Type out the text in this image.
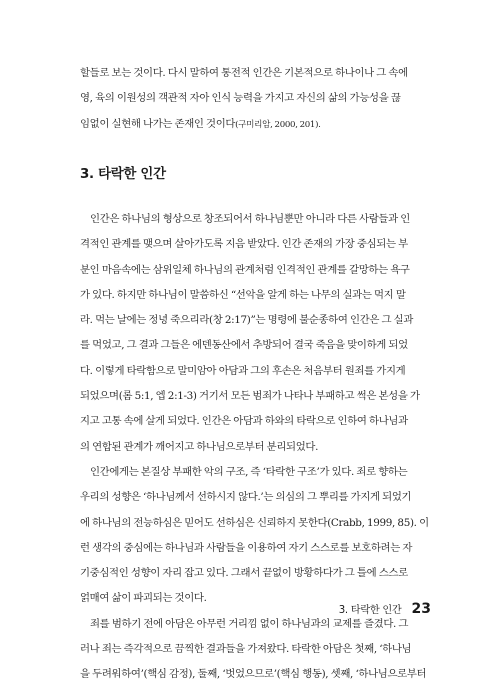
할들로 보는 것이다. 다시 말하여 통전적 인간은 기본적으로 하나이나 그 속에
영, 육의 이원성의 객관적 자아 인식 능력을 가지고 자신의 삶의 가능성을 끊
임없이 실현해 나가는 존재인 것이다(구미리암, 2000, 201).
3. 타락한 인간
인간은 하나님의 형상으로 창조되어서 하나님뿐만 아니라 다른 사람들과 인
격적인 관계를 맺으며 살아가도록 지음 받았다. 인간 존재의 가장 중심되는 부
분인 마음속에는 삼위일체 하나님의 관계처럼 인격적인 관계를 갈망하는 욕구
가 있다. 하지만 하나님이 말씀하신 “선악을 알게 하는 나무의 실과는 먹지 말
라. 먹는 날에는 정녕 죽으리라(창 2:17)”는 명령에 불순종하여 인간은 그 실과
를 먹었고, 그 결과 그들은 에덴동산에서 추방되어 결국 죽음을 맞이하게 되었
다. 이렇게 타락함으로 말미암아 아담과 그의 후손은 처음부터 원죄를 가지게
되었으며(롬 5:1, 엡 2:1-3) 거기서 모든 범죄가 나타나 부패하고 썩은 본성을 가
지고 고통 속에 살게 되었다. 인간은 아담과 하와의 타락으로 인하여 하나님과
의 연합된 관계가 깨어지고 하나님으로부터 분리되었다.
인간에게는 본질상 부패한 악의 구조, 즉 ‘타락한 구조’가 있다. 죄로 향하는
우리의 성향은 ‘하나님께서 선하시지 않다.’는 의심의 그 뿌리를 가지게 되었기
에 하나님의 전능하심은 믿어도 선하심은 신뢰하지 못한다(Crabb, 1999, 85). 이
런 생각의 중심에는 하나님과 사람들을 이용하여 자기 스스로를 보호하려는 자
기중심적인 성향이 자리 잡고 있다. 그래서 끝없이 방황하다가 그 틀에 스스로
얽매여 삶이 파괴되는 것이다.
죄를 범하기 전에 아담은 아무런 거리낌 없이 하나님과의 교제를 즐겼다. 그
러나 죄는 즉각적으로 끔찍한 결과들을 가져왔다. 타락한 아담은 첫째, ‘하나님
을 두려워하여’(핵심 감정), 둘째, ‘벗었으므로’(핵심 행동), 셋째, ‘하나님으로부터
3. 타락한 인간 23
